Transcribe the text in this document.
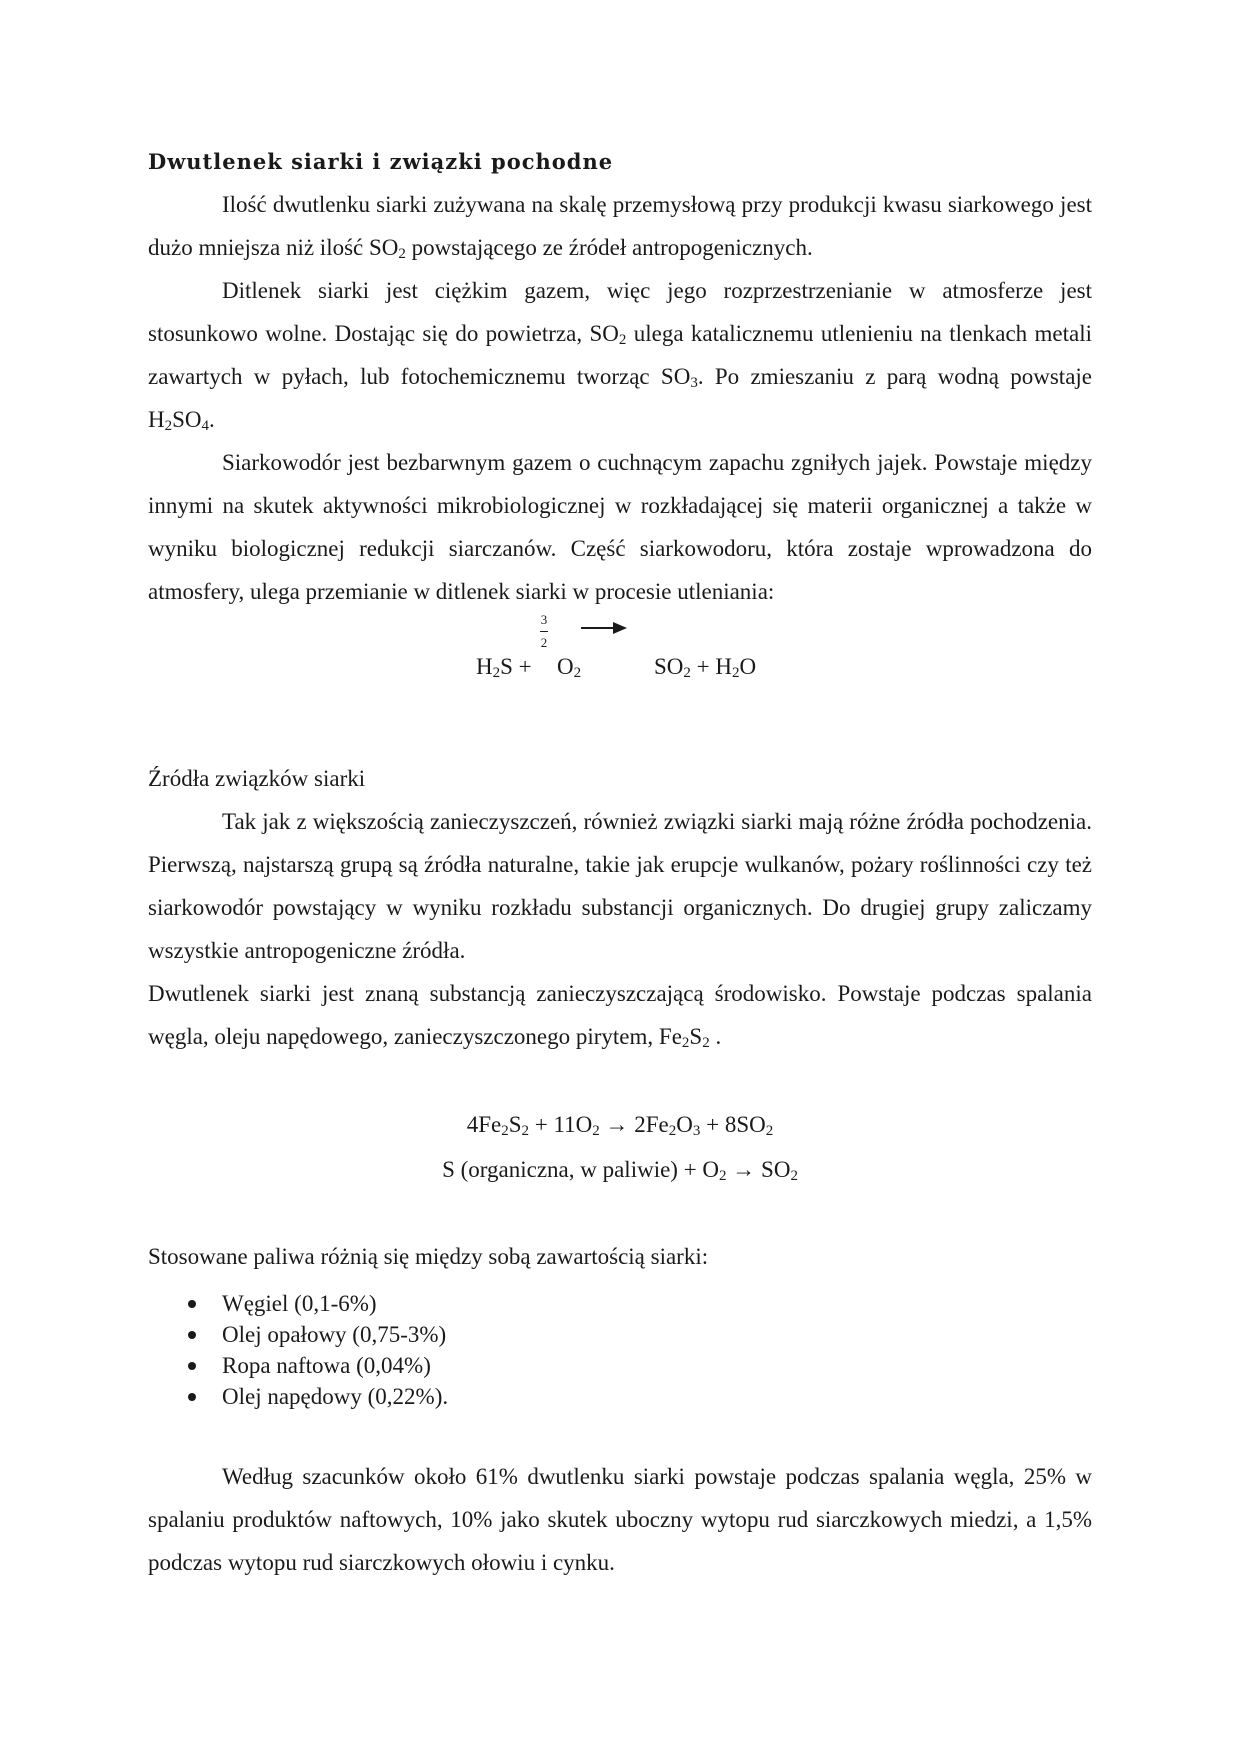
Dwutlenek siarki i związki pochodne

Ilość dwutlenku siarki zużywana na skalę przemysłową przy produkcji kwasu siarkowego jest dużo mniejsza niż ilość $SO_2$ powstającego ze źródeł antropogenicznych.

Ditlenek siarki jest ciężkim gazem, więc jego rozprzestrzenianie w atmosferze jest stosunkowo wolne. Dostając się do powietrza, $SO_2$ ulega katalicznemu utlenieniu na tlenkach metali zawartych w pyłach, lub fotochemicznemu tworząc $SO_3$. Po zmieszaniu z parą wodną powstaje $H_2SO_4$.

Siarkowodór jest bezbarwnym gazem o cuchnącym zapachu zgniłych jajek. Powstaje między innymi na skutek aktywności mikrobiologicznej w rozkładającej się materii organicznej a także w wyniku biologicznej redukcji siarczanów. Część siarkowodoru, która zostaje wprowadzona do atmosfery, ulega przemianie w ditlenek siarki w procesie utleniania:

$H_2S$ +
3
2
$O_2$	$SO_2 + H_2O$

Źródła związków siarki

Tak jak z większością zanieczyszczeń, również związki siarki mają różne źródła pochodzenia. Pierwszą, najstarszą grupą są źródła naturalne, takie jak erupcje wulkanów, pożary roślinności czy też siarkowodór powstający w wyniku rozkładu substancji organicznych. Do drugiej grupy zaliczamy wszystkie antropogeniczne źródła.

Dwutlenek siarki jest znaną substancją zanieczyszczającą środowisko. Powstaje podczas spalania węgla, oleju napędowego, zanieczyszczonego pirytem, $Fe_2S_2$ .

$4Fe_2S_2 + 11O_2 \to 2Fe_2O_3 + 8SO_2$
S (organiczna, w paliwie) + $O_2 \to SO_2$

Stosowane paliwa różnią się między sobą zawartością siarki:

Węgiel (0,1-6%)
Olej opałowy (0,75-3%)
Ropa naftowa (0,04%)
Olej napędowy (0,22%).

Według szacunków około 61% dwutlenku siarki powstaje podczas spalania węgla, 25% w spalaniu produktów naftowych, 10% jako skutek uboczny wytopu rud siarczkowych miedzi, a 1,5% podczas wytopu rud siarczkowych ołowiu i cynku.
